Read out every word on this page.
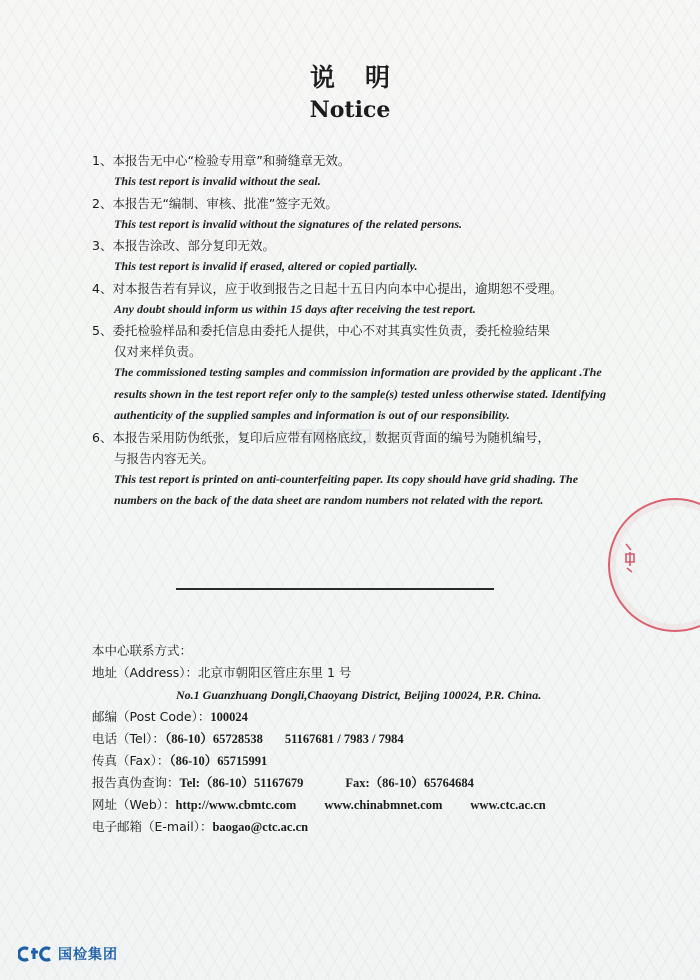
说明
Notice

1、本报告无中心“检验专用章”和骑缝章无效。

This test report is invalid without the seal.

2、本报告无“编制、审核、批准”签字无效。

This test report is invalid without the signatures of the related persons.

3、本报告涂改、部分复印无效。

This test report is invalid if erased, altered or copied partially.

4、对本报告若有异议，应于收到报告之日起十五日内向本中心提出，逾期恕不受理。

Any doubt should inform us within 15 days after receiving the test report.

5、委托检验样品和委托信息由委托人提供，中心不对其真实性负责，委托检验结果

仅对来样负责。

The commissioned testing samples and commission information are provided by the applicant .The results shown in the test report refer only to the sample(s) tested unless otherwise stated. Identifying authenticity of the supplied samples and information is out of our responsibility.

6、本报告采用防伪纸张，复印后应带有网格底纹，数据页背面的编号为随机编号，

与报告内容无关。

This test report is printed on anti-counterfeiting paper. Its copy should have grid shading. The numbers on the back of the data sheet are random numbers not related with the report.

本中心联系方式：
地址（Address）：北京市朝阳区管庄东里 1 号
No.1 Guanzhuang Dongli,Chaoyang District, Beijing 100024, P.R. China.
邮编（Post Code）：100024
电话（Tel）：（86-10）65728538 51167681 / 7983 / 7984
传真（Fax）：（86-10）65715991
报告真伪查询：Tel:（86-10）51167679	Fax:（86-10）65764684
网址（Web）：http://www.cbmtc.com www.chinabmnet.com www.ctc.ac.cn
电子邮箱（E-mail）：baogao@ctc.ac.cn
国检集团
